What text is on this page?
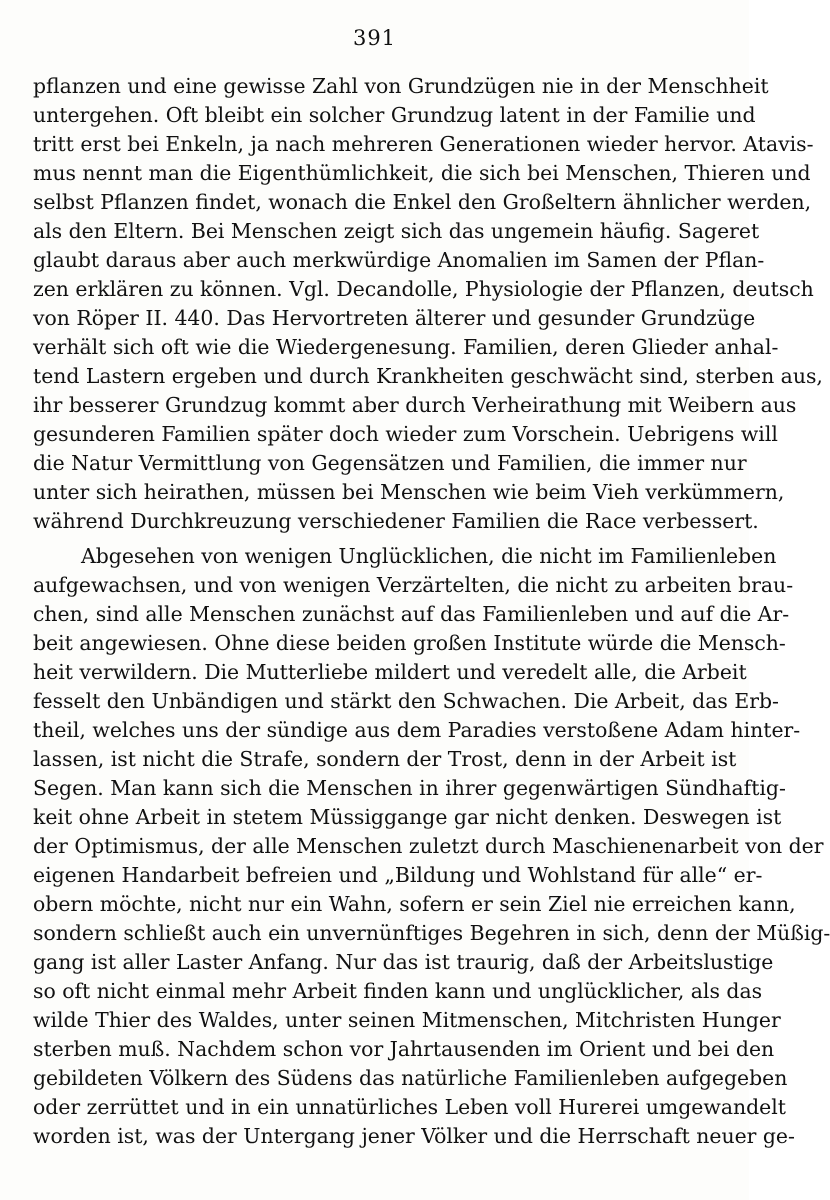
391
pflanzen und eine gewisse Zahl von Grundzügen nie in der Menschheit
untergehen. Oft bleibt ein solcher Grundzug latent in der Familie und
tritt erst bei Enkeln, ja nach mehreren Generationen wieder hervor. Atavis-
mus nennt man die Eigenthümlichkeit, die sich bei Menschen, Thieren und
selbst Pflanzen findet, wonach die Enkel den Großeltern ähnlicher werden,
als den Eltern. Bei Menschen zeigt sich das ungemein häufig. Sageret
glaubt daraus aber auch merkwürdige Anomalien im Samen der Pflan-
zen erklären zu können. Vgl. Decandolle, Physiologie der Pflanzen, deutsch
von Röper II. 440. Das Hervortreten älterer und gesunder Grundzüge
verhält sich oft wie die Wiedergenesung. Familien, deren Glieder anhal-
tend Lastern ergeben und durch Krankheiten geschwächt sind, sterben aus,
ihr besserer Grundzug kommt aber durch Verheirathung mit Weibern aus
gesunderen Familien später doch wieder zum Vorschein. Uebrigens will
die Natur Vermittlung von Gegensätzen und Familien, die immer nur
unter sich heirathen, müssen bei Menschen wie beim Vieh verkümmern,
während Durchkreuzung verschiedener Familien die Race verbessert.
Abgesehen von wenigen Unglücklichen, die nicht im Familienleben
aufgewachsen, und von wenigen Verzärtelten, die nicht zu arbeiten brau-
chen, sind alle Menschen zunächst auf das Familienleben und auf die Ar-
beit angewiesen. Ohne diese beiden großen Institute würde die Mensch-
heit verwildern. Die Mutterliebe mildert und veredelt alle, die Arbeit
fesselt den Unbändigen und stärkt den Schwachen. Die Arbeit, das Erb-
theil, welches uns der sündige aus dem Paradies verstoßene Adam hinter-
lassen, ist nicht die Strafe, sondern der Trost, denn in der Arbeit ist
Segen. Man kann sich die Menschen in ihrer gegenwärtigen Sündhaftig-
keit ohne Arbeit in stetem Müssiggange gar nicht denken. Deswegen ist
der Optimismus, der alle Menschen zuletzt durch Maschienenarbeit von der
eigenen Handarbeit befreien und „Bildung und Wohlstand für alle“ er-
obern möchte, nicht nur ein Wahn, sofern er sein Ziel nie erreichen kann,
sondern schließt auch ein unvernünftiges Begehren in sich, denn der Müßig-
gang ist aller Laster Anfang. Nur das ist traurig, daß der Arbeitslustige
so oft nicht einmal mehr Arbeit finden kann und unglücklicher, als das
wilde Thier des Waldes, unter seinen Mitmenschen, Mitchristen Hunger
sterben muß. Nachdem schon vor Jahrtausenden im Orient und bei den
gebildeten Völkern des Südens das natürliche Familienleben aufgegeben
oder zerrüttet und in ein unnatürliches Leben voll Hurerei umgewandelt
worden ist, was der Untergang jener Völker und die Herrschaft neuer ge-
